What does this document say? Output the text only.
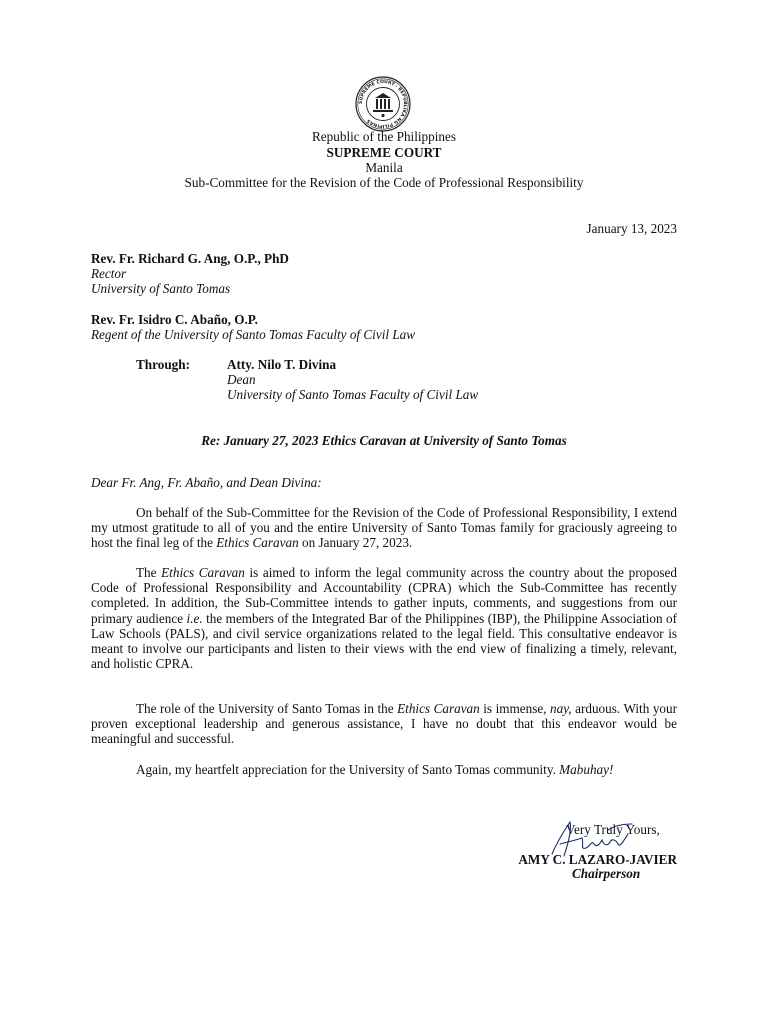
SUPREME COURT · REPUBLIKA NG PILIPINAS
Republic of the Philippines
SUPREME COURT
Manila
Sub-Committee for the Revision of the Code of Professional Responsibility
January 13, 2023
Rev. Fr. Richard G. Ang, O.P., PhD
Rector
University of Santo Tomas
Rev. Fr. Isidro C. Abaño, O.P.
Regent of the University of Santo Tomas Faculty of Civil Law
Through:	Atty. Nilo T. Divina
Dean
University of Santo Tomas Faculty of Civil Law
Re: January 27, 2023 Ethics Caravan at University of Santo Tomas
Dear Fr. Ang, Fr. Abaño, and Dean Divina:

On behalf of the Sub-Committee for the Revision of the Code of Professional Responsibility, I extend my utmost gratitude to all of you and the entire University of Santo Tomas family for graciously agreeing to host the final leg of the Ethics Caravan on January 27, 2023.

The Ethics Caravan is aimed to inform the legal community across the country about the proposed Code of Professional Responsibility and Accountability (CPRA) which the Sub-Committee has recently completed. In addition, the Sub-Committee intends to gather inputs, comments, and suggestions from our primary audience i.e. the members of the Integrated Bar of the Philippines (IBP), the Philippine Association of Law Schools (PALS), and civil service organizations related to the legal field. This consultative endeavor is meant to involve our participants and listen to their views with the end view of finalizing a timely, relevant, and holistic CPRA.

The role of the University of Santo Tomas in the Ethics Caravan is immense, nay, arduous. With your proven exceptional leadership and generous assistance, I have no doubt that this endeavor would be meaningful and successful.

Again, my heartfelt appreciation for the University of Santo Tomas community. Mabuhay!

Very Truly Yours,
AMY C. LAZARO-JAVIER
Chairperson
